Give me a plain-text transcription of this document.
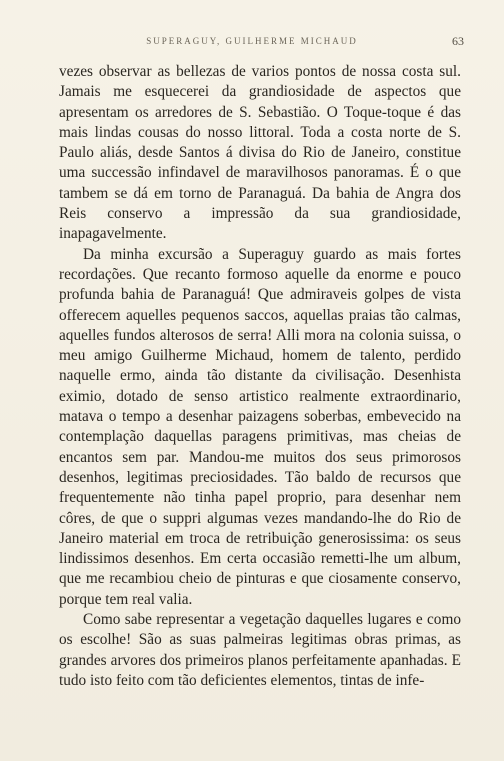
SUPERAGUY, GUILHERME MICHAUD	63

vezes observar as bellezas de varios pontos de nossa costa sul. Jamais me esquecerei da grandiosidade de aspectos que apresentam os arredores de S. Sebastião. O Toque-toque é das mais lindas cousas do nosso littoral. Toda a costa norte de S. Paulo aliás, desde Santos á divisa do Rio de Janeiro, constitue uma successão infindavel de maravilhosos panoramas. É o que tambem se dá em torno de Paranaguá. Da bahia de Angra dos Reis conservo a impressão da sua grandiosidade, inapagavelmente.

Da minha excursão a Superaguy guardo as mais fortes recordações. Que recanto formoso aquelle da enorme e pouco profunda bahia de Paranaguá! Que admiraveis golpes de vista offerecem aquelles pequenos saccos, aquellas praias tão calmas, aquelles fundos alterosos de serra! Alli mora na colonia suissa, o meu amigo Guilherme Michaud, homem de talento, perdido naquelle ermo, ainda tão distante da civilisação. Desenhista eximio, dotado de senso artistico realmente extraordinario, matava o tempo a desenhar paizagens soberbas, embevecido na contemplação daquellas paragens primitivas, mas cheias de encantos sem par. Mandou-me muitos dos seus primorosos desenhos, legitimas preciosidades. Tão baldo de recursos que frequentemente não tinha papel proprio, para desenhar nem côres, de que o suppri algumas vezes mandando-lhe do Rio de Janeiro material em troca de retribuição generosissima: os seus lindissimos desenhos. Em certa occasião remetti-lhe um album, que me recambiou cheio de pinturas e que ciosamente conservo, porque tem real valia.

Como sabe representar a vegetação daquelles lugares e como os escolhe! São as suas palmeiras legitimas obras primas, as grandes arvores dos primeiros planos perfeitamente apanhadas. E tudo isto feito com tão deficientes elementos, tintas de infe-
